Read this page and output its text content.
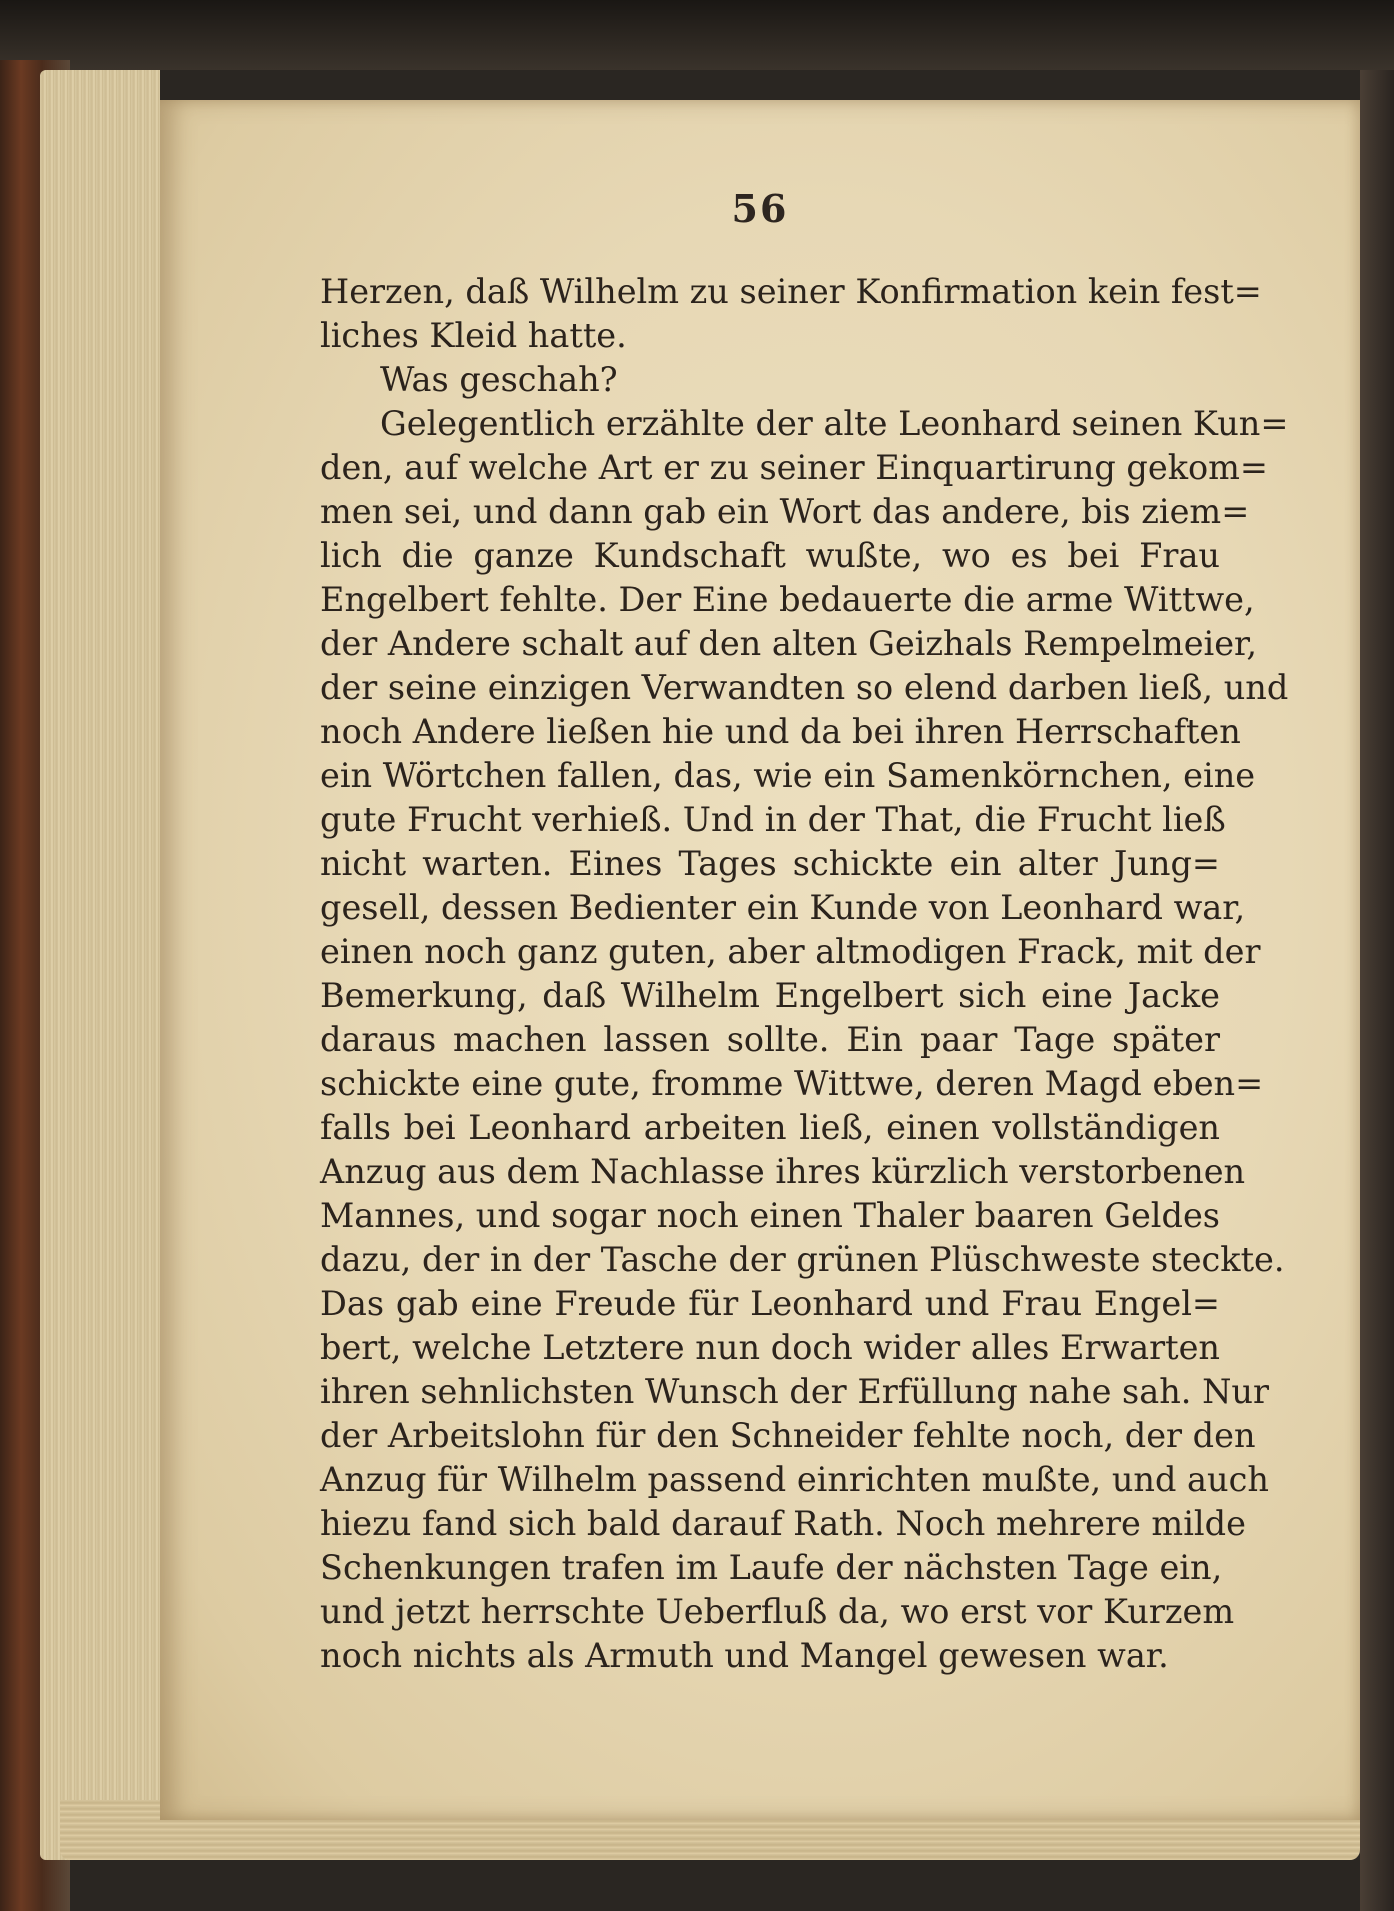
56
Herzen, daß Wilhelm zu seiner Konfirmation kein fest=
liches Kleid hatte.
Was geschah?
Gelegentlich erzählte der alte Leonhard seinen Kun=
den, auf welche Art er zu seiner Einquartirung gekom=
men sei, und dann gab ein Wort das andere, bis ziem=
lich die ganze Kundschaft wußte, wo es bei Frau
Engelbert fehlte. Der Eine bedauerte die arme Wittwe,
der Andere schalt auf den alten Geizhals Rempelmeier,
der seine einzigen Verwandten so elend darben ließ, und
noch Andere ließen hie und da bei ihren Herrschaften
ein Wörtchen fallen, das, wie ein Samenkörnchen, eine
gute Frucht verhieß. Und in der That, die Frucht ließ
nicht warten. Eines Tages schickte ein alter Jung=
gesell, dessen Bedienter ein Kunde von Leonhard war,
einen noch ganz guten, aber altmodigen Frack, mit der
Bemerkung, daß Wilhelm Engelbert sich eine Jacke
daraus machen lassen sollte. Ein paar Tage später
schickte eine gute, fromme Wittwe, deren Magd eben=
falls bei Leonhard arbeiten ließ, einen vollständigen
Anzug aus dem Nachlasse ihres kürzlich verstorbenen
Mannes, und sogar noch einen Thaler baaren Geldes
dazu, der in der Tasche der grünen Plüschweste steckte.
Das gab eine Freude für Leonhard und Frau Engel=
bert, welche Letztere nun doch wider alles Erwarten
ihren sehnlichsten Wunsch der Erfüllung nahe sah. Nur
der Arbeitslohn für den Schneider fehlte noch, der den
Anzug für Wilhelm passend einrichten mußte, und auch
hiezu fand sich bald darauf Rath. Noch mehrere milde
Schenkungen trafen im Laufe der nächsten Tage ein,
und jetzt herrschte Ueberfluß da, wo erst vor Kurzem
noch nichts als Armuth und Mangel gewesen war.
